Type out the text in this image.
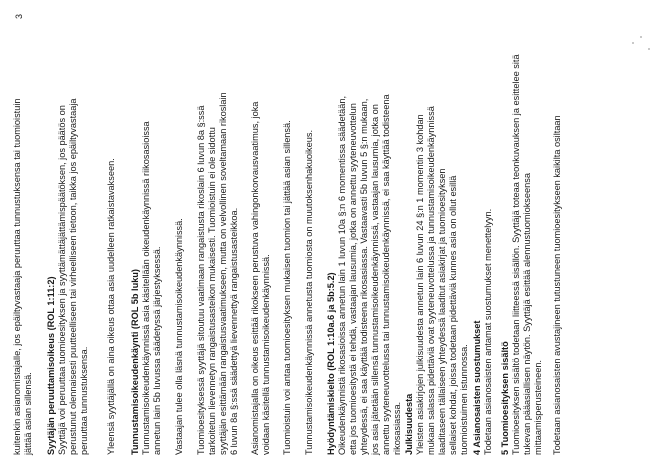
3

kuitenkin asianomistajalle, jos epäiltyvastaaja peruuttaa tunnustuksensa tai tuomioistuin
jättää asian sillensä. Syytäjän peruuttamisoikeus (ROL 1:11:2) Syyttäjä voi peruuttaa tuomioesityksen ja syyttämättäjättämispäätöksen, jos päätös on
perustunut olennaisesti puutteelliseen tai virheelliseen tietoon, taikka jos epäiltyvastaaja
peruuttaa tunnustuksensa. Yleensä syyttäjällä on aina oikeus ottaa asia uudelleen ratkaistavakseen. Tunnustamisoikeudenkäynti (ROL 5b luku) Tunnustamisoikeudenkäynnissä asia käsitellään oikeudenkäynnissä riikosasioissa
annetun lain 5b luvussa säädetyssä järjestyksessä. Vastaajan tulee olla läsnä tunnustamisoikeudenkäynnissä. Tuomioesityksessä syyttäjä sitoutuu vaatimaan rangaistusta rikoslain 6 luvun 8a §:ssä
tarkoitetun lievennetyn rangaistusasteikon mukaisesti. Tuomioistuin ei ole sidottu
syyttäjän esittämään rangaistusvaatimukseen, mutta on velvollinen soveltamaan rikoslain
6 luvun 8a §:ssä säädettyä lievennettyä rangaistusasteikkoa.

Asianomistajalla on oikeus esittää rikokseen perustuva vahingonkorvausvaatimus, joka
voidaan käsitellä tunnustamisoikeudenkäynnissä. Tuomioistuin voi antaa tuomioesityksen mukaisen tuomion tai jättää asian sillensä. Tunnustamisoikeudenkäynnissä annetusta tuomiosta on muutoksenhakuoikeus. Hyödyntämiskielto (ROL 1:10a.6 ja 5b:5.2) Oikeudenkäynnistä rikosasioissa annetun lain 1 luvun 10a §:n 6 momentissa säädetään,
etta jos tuomioesitystä ei tehdä, vastaajan lausumia, jotka on annettu syyteneuvottelun
yhteydessä, ei saa käyttää todisteena rikosasiassa. Vastaavasti 5b luvun 5 §:n mukaan,
jos asia jätetään sillensä tunnustamisoikeudenkäynnissä, vastaajan lausumia, jotka on
annettu syyteneuvottelussa tai tunnustamisoikeudenkäynnissä, ei saa käyttää todisteena
rikosasiassa. Julkisuudesta Yleisten asiakirjojen julkisuudesta annetun lain 6 luvun 24 §:n 1 momentin 3 kohdan
mukaan salassa pidettäviä ovat syyteneuvottelussa ja tunnustamisoikeudenkäynnissä
laaditaseen tällaiseen yhteydessä laaditut asiakirjat ja tuomioesityksen
sellaiset kohdat, joissa todetaan pidettäviä kunnes asia on ollut esillä
tuomioistuimen istunnossa. 4 Asianosaisten suostumukset Todetaan asianosaisten antamat suostumukset menettelyyn. 5 Tuomioesityksen sisältö Tuomioesityksen sisältö todetaan liitteessä sisällön. Syyttäjä toteaa teonkuvauksen ja esittelee sitä
tukevan pääasiallisen näytön. Syyttäjä esittää alennustuomiokseensa
mittaamisperusteineen. Todetaan asianosaisten avustajineen tutustuneen tuomioesitykseen kaikilta osiltaan
